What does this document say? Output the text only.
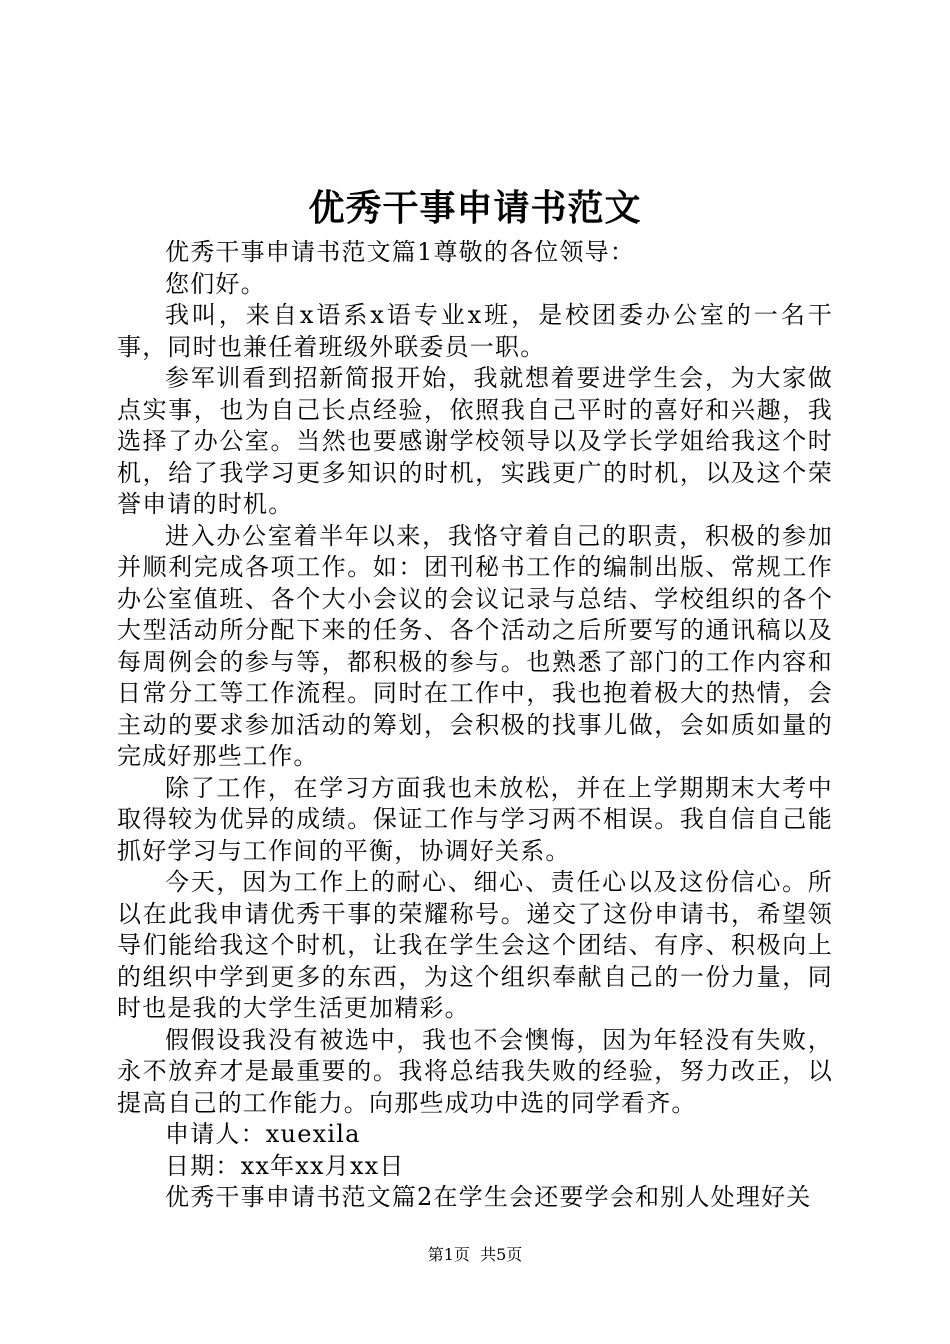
优秀干事申请书范文

优秀干事申请书范文篇1尊敬的各位领导：

您们好。

我叫，来自x语系x语专业x班，是校团委办公室的一名干事，同时也兼任着班级外联委员一职。

参军训看到招新简报开始，我就想着要进学生会，为大家做点实事，也为自己长点经验，依照我自己平时的喜好和兴趣，我选择了办公室。当然也要感谢学校领导以及学长学姐给我这个时机，给了我学习更多知识的时机，实践更广的时机，以及这个荣誉申请的时机。

进入办公室着半年以来，我恪守着自己的职责，积极的参加并顺利完成各项工作。如：团刊秘书工作的编制出版、常规工作办公室值班、各个大小会议的会议记录与总结、学校组织的各个大型活动所分配下来的任务、各个活动之后所要写的通讯稿以及每周例会的参与等，都积极的参与。也熟悉了部门的工作内容和日常分工等工作流程。同时在工作中，我也抱着极大的热情，会主动的要求参加活动的筹划，会积极的找事儿做，会如质如量的完成好那些工作。

除了工作，在学习方面我也未放松，并在上学期期末大考中取得较为优异的成绩。保证工作与学习两不相误。我自信自己能抓好学习与工作间的平衡，协调好关系。

今天，因为工作上的耐心、细心、责任心以及这份信心。所以在此我申请优秀干事的荣耀称号。递交了这份申请书，希望领导们能给我这个时机，让我在学生会这个团结、有序、积极向上的组织中学到更多的东西，为这个组织奉献自己的一份力量，同时也是我的大学生活更加精彩。

假假设我没有被选中，我也不会懊悔，因为年轻没有失败，永不放弃才是最重要的。我将总结我失败的经验，努力改正，以提高自己的工作能力。向那些成功中选的同学看齐。

申请人：xuexila

日期：xx年xx月xx日

优秀干事申请书范文篇2在学生会还要学会和别人处理好关

第1页  共5页
